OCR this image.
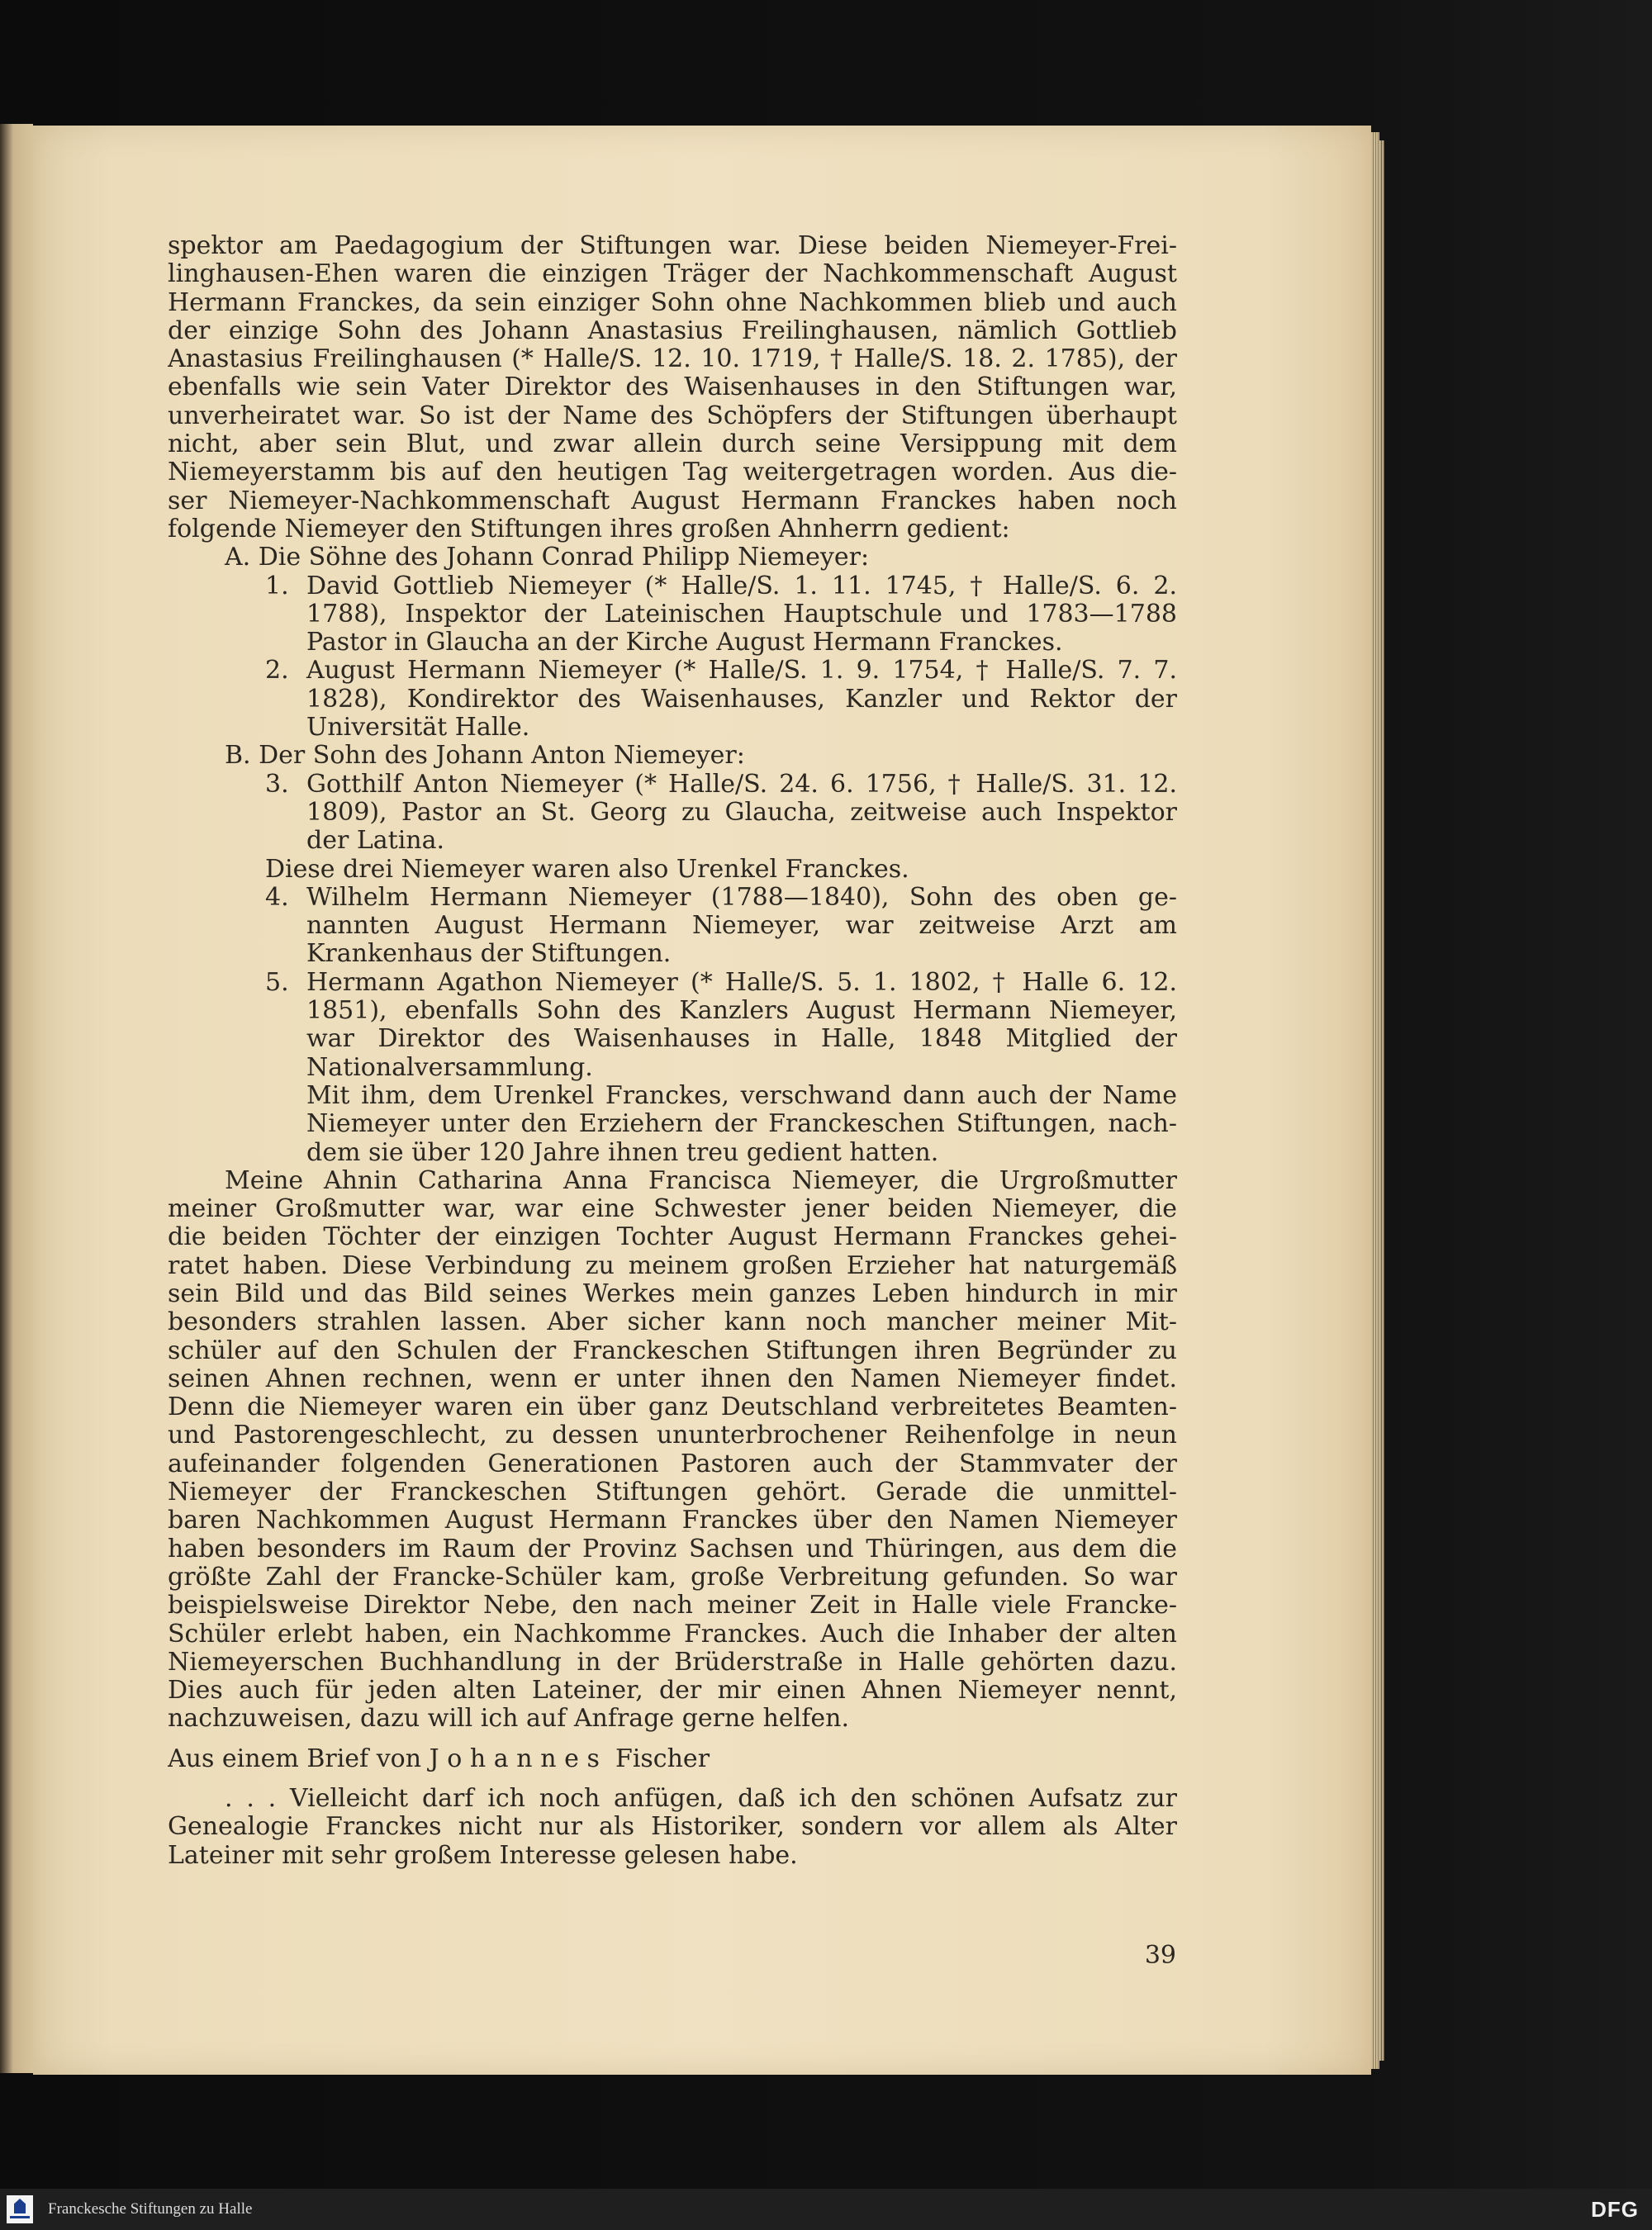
spektor am Paedagogium der Stiftungen war. Diese beiden Niemeyer-Frei-
linghausen-Ehen waren die einzigen Träger der Nachkommenschaft August
Hermann Franckes, da sein einziger Sohn ohne Nachkommen blieb und auch
der einzige Sohn des Johann Anastasius Freilinghausen, nämlich Gottlieb
Anastasius Freilinghausen (* Halle/S. 12. 10. 1719, † Halle/S. 18. 2. 1785), der
ebenfalls wie sein Vater Direktor des Waisenhauses in den Stiftungen war,
unverheiratet war. So ist der Name des Schöpfers der Stiftungen überhaupt
nicht, aber sein Blut, und zwar allein durch seine Versippung mit dem
Niemeyerstamm bis auf den heutigen Tag weitergetragen worden. Aus die-
ser Niemeyer-Nachkommenschaft August Hermann Franckes haben noch
folgende Niemeyer den Stiftungen ihres großen Ahnherrn gedient:
A. Die Söhne des Johann Conrad Philipp Niemeyer:
1. David Gottlieb Niemeyer (* Halle/S. 1. 11. 1745, † Halle/S. 6. 2.
1788), Inspektor der Lateinischen Hauptschule und 1783—1788
Pastor in Glaucha an der Kirche August Hermann Franckes.
2. August Hermann Niemeyer (* Halle/S. 1. 9. 1754, † Halle/S. 7. 7.
1828), Kondirektor des Waisenhauses, Kanzler und Rektor der
Universität Halle.
B. Der Sohn des Johann Anton Niemeyer:
3. Gotthilf Anton Niemeyer (* Halle/S. 24. 6. 1756, † Halle/S. 31. 12.
1809), Pastor an St. Georg zu Glaucha, zeitweise auch Inspektor
der Latina.
Diese drei Niemeyer waren also Urenkel Franckes.
4. Wilhelm Hermann Niemeyer (1788—1840), Sohn des oben ge-
nannten August Hermann Niemeyer, war zeitweise Arzt am
Krankenhaus der Stiftungen.
5. Hermann Agathon Niemeyer (* Halle/S. 5. 1. 1802, † Halle 6. 12.
1851), ebenfalls Sohn des Kanzlers August Hermann Niemeyer,
war Direktor des Waisenhauses in Halle, 1848 Mitglied der
Nationalversammlung.
Mit ihm, dem Urenkel Franckes, verschwand dann auch der Name
Niemeyer unter den Erziehern der Franckeschen Stiftungen, nach-
dem sie über 120 Jahre ihnen treu gedient hatten.
Meine Ahnin Catharina Anna Francisca Niemeyer, die Urgroßmutter
meiner Großmutter war, war eine Schwester jener beiden Niemeyer, die
die beiden Töchter der einzigen Tochter August Hermann Franckes gehei-
ratet haben. Diese Verbindung zu meinem großen Erzieher hat naturgemäß
sein Bild und das Bild seines Werkes mein ganzes Leben hindurch in mir
besonders strahlen lassen. Aber sicher kann noch mancher meiner Mit-
schüler auf den Schulen der Franckeschen Stiftungen ihren Begründer zu
seinen Ahnen rechnen, wenn er unter ihnen den Namen Niemeyer findet.
Denn die Niemeyer waren ein über ganz Deutschland verbreitetes Beamten-
und Pastorengeschlecht, zu dessen ununterbrochener Reihenfolge in neun
aufeinander folgenden Generationen Pastoren auch der Stammvater der
Niemeyer der Franckeschen Stiftungen gehört. Gerade die unmittel-
baren Nachkommen August Hermann Franckes über den Namen Niemeyer
haben besonders im Raum der Provinz Sachsen und Thüringen, aus dem die
größte Zahl der Francke-Schüler kam, große Verbreitung gefunden. So war
beispielsweise Direktor Nebe, den nach meiner Zeit in Halle viele Francke-
Schüler erlebt haben, ein Nachkomme Franckes. Auch die Inhaber der alten
Niemeyerschen Buchhandlung in der Brüderstraße in Halle gehörten dazu.
Dies auch für jeden alten Lateiner, der mir einen Ahnen Niemeyer nennt,
nachzuweisen, dazu will ich auf Anfrage gerne helfen.
Aus einem Brief von Johannes Fischer
. . . Vielleicht darf ich noch anfügen, daß ich den schönen Aufsatz zur
Genealogie Franckes nicht nur als Historiker, sondern vor allem als Alter
Lateiner mit sehr großem Interesse gelesen habe.
39
Franckesche Stiftungen zu Halle	DFG
